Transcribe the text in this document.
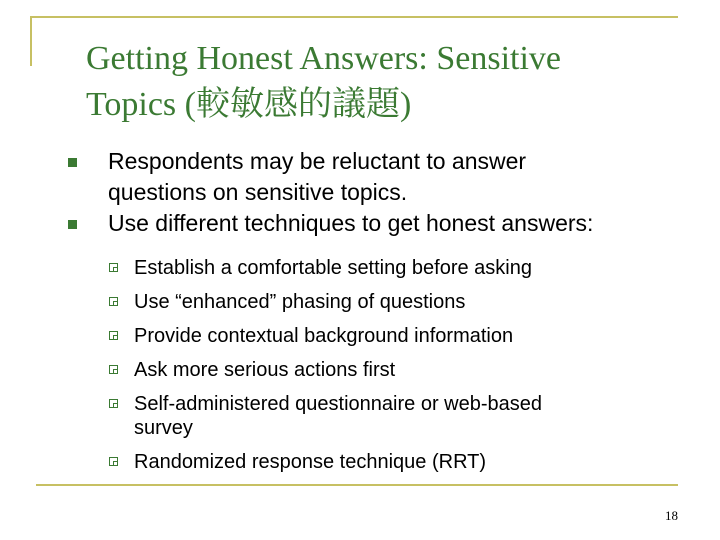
Getting Honest Answers: Sensitive
Topics (較敏感的議題)
Respondents may be reluctant to answer
questions on sensitive topics.
Use different techniques to get honest answers:
Establish a comfortable setting before asking
Use “enhanced” phasing of questions
Provide contextual background information
Ask more serious actions first
Self-administered questionnaire or web-based
survey
Randomized response technique (RRT)
18
